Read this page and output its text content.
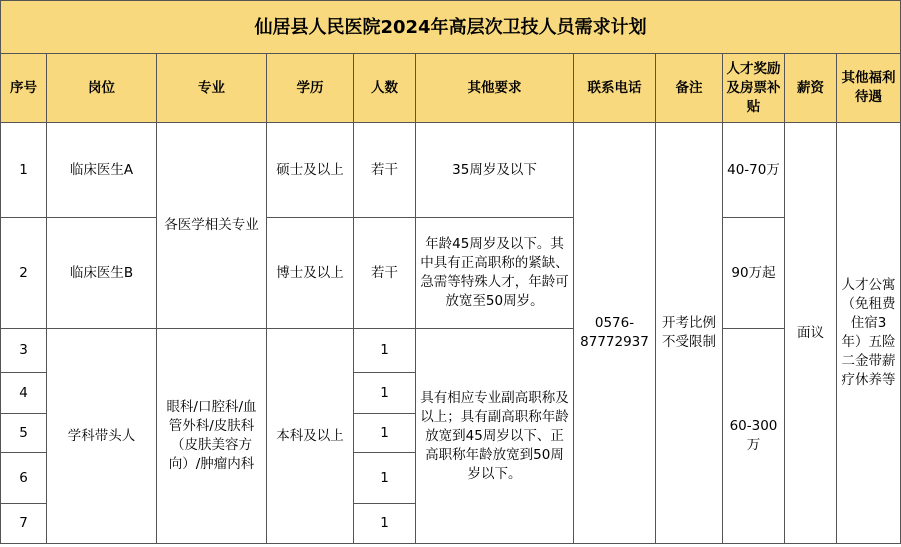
仙居县人民医院2024年高层次卫技人员需求计划										
序号	岗位	专业	学历	人数	其他要求	联系电话	备注	人才奖励及房票补贴	薪资	其他福利待遇
1	临床医生A	各医学相关专业	硕士及以上	若干	35周岁及以下	0576-87772937	开考比例不受限制	40-70万	面议	人才公寓（免租费住宿3年）五险二金带薪疗休养等
2	临床医生B		博士及以上	若干	年龄45周岁及以下。其中具有正高职称的紧缺、急需等特殊人才，年龄可放宽至50周岁。			90万起		
3	学科带头人	眼科/口腔科/血管外科/皮肤科（皮肤美容方向）/肿瘤内科	本科及以上	1	具有相应专业副高职称及以上；具有副高职称年龄放宽到45周岁以下、正高职称年龄放宽到50周岁以下。			60-300万		
4				1						
5				1						
6				1						
7				1						
